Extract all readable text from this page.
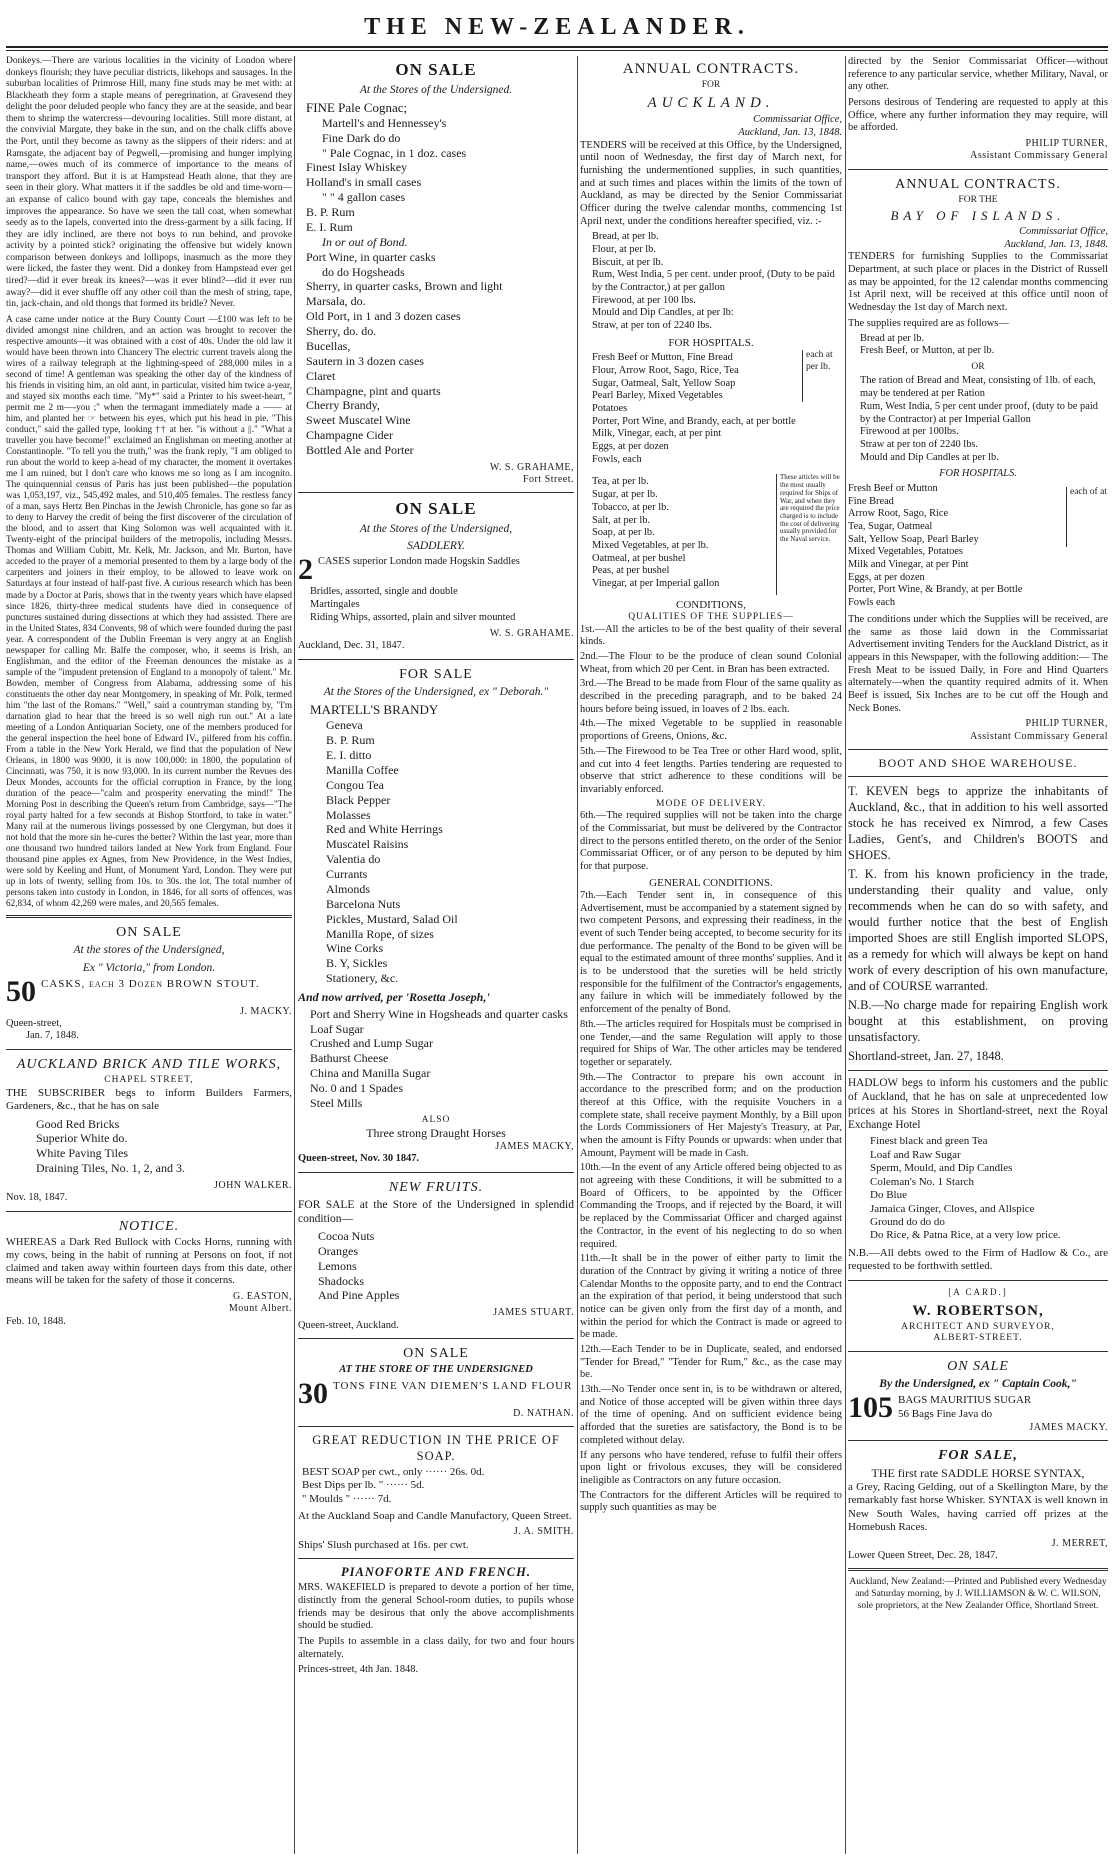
THE NEW-ZEALANDER.

Donkeys.—There are various localities in the vicinity of London where donkeys flourish; they have peculiar districts, likehops and sausages. In the suburban localities of Primrose Hill, many fine studs may be met with: at Blackheath they form a staple means of peregrination, at Gravesend they delight the poor deluded people who fancy they are at the seaside, and bear them to shrimp the watercress—devouring localities. Still more distant, at the convivial Margate, they bake in the sun, and on the chalk cliffs above the Port, until they become as tawny as the slippers of their riders: and at Ramsgate, the adjacent bay of Pegwell,—promising and hunger implying name,—owes much of its commerce of importance to the means of transport they afford. But it is at Hampstead Heath alone, that they are seen in their glory. What matters it if the saddles be old and time-worn—an expanse of calico bound with gay tape, conceals the blemishes and improves the appearance. So have we seen the tall coat, when somewhat seedy as to the lapels, converted into the dress-garment by a silk facing. If they are idly inclined, are there not boys to run behind, and provoke activity by a pointed stick? originating the offensive but widely known comparison between donkeys and lollipops, inasmuch as the more they were licked, the faster they went. Did a donkey from Hampstead ever get tired?—did it ever break its knees?—was it ever blind?—did it ever run away?—did it ever shuffle off any other coil than the mesh of string, tape, tin, jack-chain, and old thongs that formed its bridle? Never.

A case came under notice at the Bury County Court —£100 was left to be divided amongst nine children, and an action was brought to recover the respective amounts—it was obtained with a cost of 40s. Under the old law it would have been thrown into Chancery The electric current travels along the wires of a railway telegraph at the lightning-speed of 288,000 miles in a second of time! A gentleman was speaking the other day of the kindness of his friends in visiting him, an old aunt, in particular, visited him twice a-year, and stayed six months each time. "My*" said a Printer to his sweet-heart, " permit me 2 m—-you ;" when the termagant immediately made a —— at him, and planted her ☞ between his eyes, which put his head in pie. "This conduct," said the galled type, looking †† at her. "is without a ||." "What a traveller you have become!" exclaimed an Englishman on meeting another at Constantinople. "To tell you the truth," was the frank reply, "I am obliged to run about the world to keep a-head of my character, the moment it overtakes me I am ruined, but I don't care who knows me so long as I am incognito. The quinquennial census of Paris has just been published—the population was 1,053,197, viz., 545,492 males, and 510,405 females. The restless fancy of a man, says Hertz Ben Pinchas in the Jewish Chronicle, has gone so far as to deny to Harvey the credit of being the first discoverer of the circulation of the blood, and to assert that King Solomon was well acquainted with it. Twenty-eight of the principal builders of the metropolis, including Messrs. Thomas and William Cubitt, Mr. Kelk, Mr. Jackson, and Mr. Burton, have acceded to the prayer of a memorial presented to them by a large body of the carpenters and joiners in their employ, to be allowed to leave work on Saturdays at four instead of half-past five. A curious research which has been made by a Doctor at Paris, shows that in the twenty years which have elapsed since 1826, thirty-three medical students have died in consequence of punctures sustained during dissections at which they had assisted. There are in the United States, 834 Convents, 98 of which were founded during the past year. A correspondent of the Dublin Freeman is very angry at an English newspaper for calling Mr. Balfe the composer, who, it seems is Irish, an Englishman, and the editor of the Freeman denounces the mistake as a sample of the "impudent pretension of England to a monopoly of talent." Mr. Bowden, member of Congress from Alabama, addressing some of his constituents the other day near Montgomery, in speaking of Mr. Polk, termed him "the last of the Romans." "Well," said a countryman standing by, "I'm darnation glad to hear that the breed is so well nigh run out." At a late meeting of a London Antiquarian Society, one of the members produced for the general inspection the heel bone of Edward IV., pilfered from his coffin. From a table in the New York Herald, we find that the population of New Orleans, in 1800 was 9000, it is now 100,000: in 1800, the population of Cincinnati, was 750, it is now 93,000. In its current number the Revues des Deux Mondes, accounts for the official corruption in France, by the long duration of the peace—"calm and prosperity enervating the mind!" The Morning Post in describing the Queen's return from Cambridge, says—"The royal party halted for a few seconds at Bishop Stortford, to take in water." Many rail at the numerous livings possessed by one Clergyman, but does it not hold that the more sin he-cures the better? Within the last year, more than one thousand two hundred tailors landed at New York from England. Four thousand pine apples ex Agnes, from New Providence, in the West Indies, were sold by Keeling and Hunt, of Monument Yard, London. They were put up in lots of twenty, selling from 10s. to 30s. the lot. The total number of persons taken into custody in London, in 1846, for all sorts of offences, was 62,834, of whom 42,269 were males, and 20,565 females.

ON SALE
At the stores of the Undersigned,
Ex " Victoria," from London.
50 CASKS, each 3 Dozen BROWN STOUT.
J. MACKY.
Queen-street,
Jan. 7, 1848.
AUCKLAND BRICK AND TILE WORKS,
CHAPEL STREET,

THE SUBSCRIBER begs to inform Builders Farmers, Gardeners, &c., that he has on sale

Good Red Bricks
Superior White do.
White Paving Tiles
Draining Tiles, No. 1, 2, and 3.
JOHN WALKER.
Nov. 18, 1847.
NOTICE.

WHEREAS a Dark Red Bullock with Cocks Horns, running with my cows, being in the habit of running at Persons on foot, if not claimed and taken away within fourteen days from this date, other means will be taken for the safety of those it concerns.

G. EASTON,
Mount Albert.
Feb. 10, 1848.
ON SALE
At the Stores of the Undersigned.
FINE Pale Cognac;
Martell's and Hennessey's
Fine Dark do do
" Pale Cognac, in 1 doz. cases
Finest Islay Whiskey
Holland's in small cases
" " 4 gallon cases
B. P. Rum
E. I. Rum
In or out of Bond.
Port Wine, in quarter casks
do do Hogsheads
Sherry, in quarter casks, Brown and light
Marsala, do.
Old Port, in 1 and 3 dozen cases
Sherry, do. do.
Bucellas,
Sautern in 3 dozen cases
Claret
Champagne, pint and quarts
Cherry Brandy,
Sweet Muscatel Wine
Champagne Cider
Bottled Ale and Porter
W. S. GRAHAME,
Fort Street.
ON SALE
At the Stores of the Undersigned,
SADDLERY.
2 CASES superior London made Hogskin Saddles
Bridles, assorted, single and double
Martingales
Riding Whips, assorted, plain and silver mounted
W. S. GRAHAME.
Auckland, Dec. 31, 1847.
FOR SALE
At the Stores of the Undersigned, ex " Deborah."
MARTELL'S BRANDY
Geneva
B. P. Rum
E. I. ditto
Manilla Coffee
Congou Tea
Black Pepper
Molasses
Red and White Herrings
Muscatel Raisins
Valentia do
Currants
Almonds
Barcelona Nuts
Pickles, Mustard, Salad Oil
Manilla Rope, of sizes
Wine Corks
B. Y, Sickles
Stationery, &c.
And now arrived, per 'Rosetta Joseph,'
Port and Sherry Wine in Hogsheads and quarter casks
Loaf Sugar
Crushed and Lump Sugar
Bathurst Cheese
China and Manilla Sugar
No. 0 and 1 Spades
Steel Mills
ALSO
Three strong Draught Horses
JAMES MACKY,
Queen-street, Nov. 30 1847.
NEW FRUITS.

FOR SALE at the Store of the Undersigned in splendid condition—

Cocoa Nuts
Oranges
Lemons
Shadocks
And Pine Apples
JAMES STUART.
Queen-street, Auckland.
ON SALE
AT THE STORE OF THE UNDERSIGNED
30 TONS FINE VAN DIEMEN'S LAND FLOUR
D. NATHAN.
GREAT REDUCTION IN THE PRICE OF SOAP.
BEST SOAP per cwt., only ······ 26s. 0d.
Best Dips per lb. " ······ 5d.
" Moulds " ······ 7d.

At the Auckland Soap and Candle Manufactory, Queen Street.

J. A. SMITH.
Ships' Slush purchased at 16s. per cwt.
PIANOFORTE AND FRENCH.

MRS. WAKEFIELD is prepared to devote a portion of her time, distinctly from the general School-room duties, to pupils whose friends may be desirous that only the above accomplishments should be studied.

The Pupils to assemble in a class daily, for two and four hours alternately.

Princes-street, 4th Jan. 1848.
ANNUAL CONTRACTS.
FOR
AUCKLAND.
Commissariat Office,
Auckland, Jan. 13, 1848.

TENDERS will be received at this Office, by the Undersigned, until noon of Wednesday, the first day of March next, for furnishing the undermentioned supplies, in such quantities, and at such times and places within the limits of the town of Auckland, as may be directed by the Senior Commissariat Officer during the twelve calendar months, commencing 1st April next, under the conditions hereafter specified, viz. :-

Bread, at per lb.
Flour, at per lb.
Biscuit, at per lb.
Rum, West India, 5 per cent. under proof, (Duty to be paid by the Contractor,) at per gallon
Firewood, at per 100 lbs.
Mould and Dip Candles, at per lb:
Straw, at per ton of 2240 lbs.
FOR HOSPITALS.
Fresh Beef or Mutton, Fine Bread
Flour, Arrow Root, Sago, Rice, Tea
Sugar, Oatmeal, Salt, Yellow Soap
Pearl Barley, Mixed Vegetables
Potatoes
Porter, Port Wine, and Brandy, each, at per bottle
Milk, Vinegar, each, at per pint
Eggs, at per dozen
Fowls, each
each at per lb.
Tea, at per lb.
Sugar, at per lb.
Tobacco, at per lb.
Salt, at per lb.
Soap, at per lb.
Mixed Vegetables, at per lb.
Oatmeal, at per bushel
Peas, at per bushel
Vinegar, at per Imperial gallon
These articles will be the most usually required for Ships of War, and when they are required the price charged is to include the cost of delivering usually provided for the Naval service.
CONDITIONS,
QUALITIES OF THE SUPPLIES—

1st.—All the articles to be of the best quality of their several kinds.

2nd.—The Flour to be the produce of clean sound Colonial Wheat, from which 20 per Cent. in Bran has been extracted.

3rd.—The Bread to be made from Flour of the same quality as described in the preceding paragraph, and to be baked 24 hours before being issued, in loaves of 2 lbs. each.

4th.—The mixed Vegetable to be supplied in reasonable proportions of Greens, Onions, &c.

5th.—The Firewood to be Tea Tree or other Hard wood, split, and cut into 4 feet lengths. Parties tendering are requested to observe that strict adherence to these conditions will be invariably enforced.

MODE OF DELIVERY.

6th.—The required supplies will not be taken into the charge of the Commissariat, but must be delivered by the Contractor direct to the persons entitled thereto, on the order of the Senior Commissariat Officer, or of any person to be deputed by him for that purpose.

GENERAL CONDITIONS.

7th.—Each Tender sent in, in consequence of this Advertisement, must be accompanied by a statement signed by two competent Persons, and expressing their readiness, in the event of such Tender being accepted, to become security for its due performance. The penalty of the Bond to be given will be equal to the estimated amount of three months' supplies. And it is to be understood that the sureties will be held strictly responsible for the fulfilment of the Contractor's engagements, any failure in which will be immediately followed by the enforcement of the penalty of Bond.

8th.—The articles required for Hospitals must be comprised in one Tender,—and the same Regulation will apply to those required for Ships of War. The other articles may be tendered together or separately.

9th.—The Contractor to prepare his own account in accordance to the prescribed form; and on the production thereof at this Office, with the requisite Vouchers in a complete state, shall receive payment Monthly, by a Bill upon the Lords Commissioners of Her Majesty's Treasury, at Par, when the amount is Fifty Pounds or upwards: when under that Amount, Payment will be made in Cash.

10th.—In the event of any Article offered being objected to as not agreeing with these Conditions, it will be submitted to a Board of Officers, to be appointed by the Officer Commanding the Troops, and if rejected by the Board, it will be replaced by the Commissariat Officer and charged against the Contractor, in the event of his neglecting to do so when required.

11th.—It shall be in the power of either party to limit the duration of the Contract by giving it writing a notice of three Calendar Months to the opposite party, and to end the Contract an the expiration of that period, it being understood that such notice can be given only from the first day of a month, and within the period for which the Contract is made or agreed to be made.

12th.—Each Tender to be in Duplicate, sealed, and endorsed "Tender for Bread," "Tender for Rum," &c., as the case may be.

13th.—No Tender once sent in, is to be withdrawn or altered, and Notice of those accepted will be given within three days of the time of opening. And on sufficient evidence being afforded that the sureties are satisfactory, the Bond is to be completed without delay.

If any persons who have tendered, refuse to fulfil their offers upon light or frivolous excuses, they will be considered ineligible as Contractors on any future occasion.

The Contractors for the different Articles will be required to supply such quantities as may be

directed by the Senior Commissariat Officer—without reference to any particular service, whether Military, Naval, or any other.

Persons desirous of Tendering are requested to apply at this Office, where any further information they may require, will be afforded.

PHILIP TURNER,
Assistant Commissary General
ANNUAL CONTRACTS.
FOR THE
BAY OF ISLANDS.
Commissariat Office,
Auckland, Jan. 13, 1848.

TENDERS for furnishing Supplies to the Commissariat Department, at such place or places in the District of Russell as may be appointed, for the 12 calendar months commencing 1st April next, will be received at this office until noon of Wednesday the 1st day of March next.

The supplies required are as follows—
Bread at per lb.
Fresh Beef, or Mutton, at per lb.
OR
The ration of Bread and Meat, consisting of 1lb. of each, may be tendered at per Ration
Rum, West India, 5 per cent under proof, (duty to be paid by the Contractor) at per Imperial Gallon
Firewood at per 100lbs.
Straw at per ton of 2240 lbs.
Mould and Dip Candles at per lb.
FOR HOSPITALS.
Fresh Beef or Mutton
Fine Bread
Arrow Root, Sago, Rice
Tea, Sugar, Oatmeal
Salt, Yellow Soap, Pearl Barley
Mixed Vegetables, Potatoes
Milk and Vinegar, at per Pint
Eggs, at per dozen
Porter, Port Wine, & Brandy, at per Bottle
Fowls each
each of at

The conditions under which the Supplies will be received, are the same as those laid down in the Commissariat Advertisement inviting Tenders for the Auckland District, as it appears in this Newspaper, with the following addition:— The Fresh Meat to be issued Daily, in Fore and Hind Quarters alternately—when the quantity required admits of it. When Beef is issued, Six Inches are to be cut off the Hough and Neck Bones.

PHILIP TURNER,
Assistant Commissary General
BOOT AND SHOE WAREHOUSE.

T. KEVEN begs to apprize the inhabitants of Auckland, &c., that in addition to his well assorted stock he has received ex Nimrod, a few Cases Ladies, Gent's, and Children's BOOTS and SHOES.

T. K. from his known proficiency in the trade, understanding their quality and value, only recommends when he can do so with safety, and would further notice that the best of English imported Shoes are still English imported SLOPS, as a remedy for which will always be kept on hand work of every description of his own manufacture, and of COURSE warranted.

N.B.—No charge made for repairing English work bought at this establishment, on proving unsatisfactory.

Shortland-street, Jan. 27, 1848.

HADLOW begs to inform his customers and the public of Auckland, that he has on sale at unprecedented low prices at his Stores in Shortland-street, next the Royal Exchange Hotel

Finest black and green Tea
Loaf and Raw Sugar
Sperm, Mould, and Dip Candles
Coleman's No. 1 Starch
Do Blue
Jamaica Ginger, Cloves, and Allspice
Ground do do do
Do Rice, & Patna Rice, at a very low price.

N.B.—All debts owed to the Firm of Hadlow & Co., are requested to be forthwith settled.

[A CARD.]
W. ROBERTSON,
ARCHITECT AND SURVEYOR,
ALBERT-STREET.
ON SALE
By the Undersigned, ex " Captain Cook,"
105 BAGS MAURITIUS SUGAR
56 Bags Fine Java do
JAMES MACKY.
FOR SALE,
THE first rate SADDLE HORSE SYNTAX,

a Grey, Racing Gelding, out of a Skellington Mare, by the remarkably fast horse Whisker. SYNTAX is well known in New South Wales, having carried off prizes at the Homebush Races.

J. MERRET,
Lower Queen Street, Dec. 28, 1847.

Auckland, New Zealand:—Printed and Published every Wednesday and Saturday morning, by J. WILLIAMSON & W. C. WILSON, sole proprietors, at the New Zealander Office, Shortland Street.
